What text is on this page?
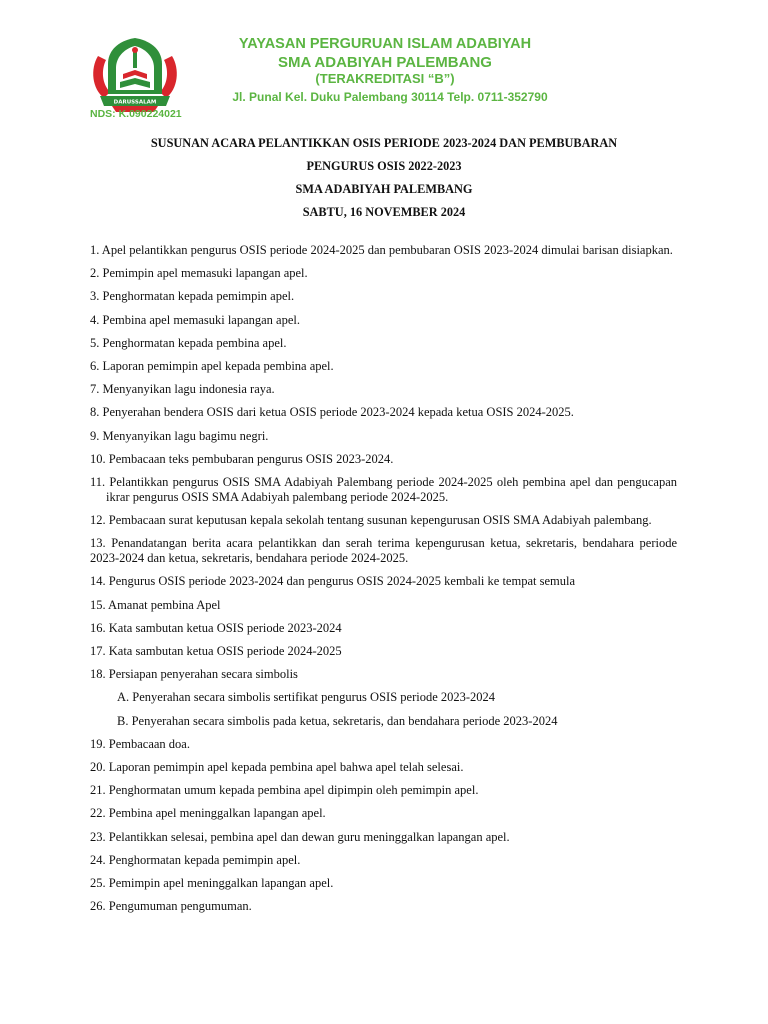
DARUSSALAM
YAYASAN PERGURUAN ISLAM ADABIYAH
SMA ADABIYAH PALEMBANG
(TERAKREDITASI “B”)
Jl. Punal Kel. Duku Palembang 30114 Telp. 0711-352790
NDS: K.090224021
SUSUNAN ACARA PELANTIKKAN OSIS PERIODE 2023-2024 DAN PEMBUBARAN
PENGURUS OSIS 2022-2023
SMA ADABIYAH PALEMBANG
SABTU, 16 NOVEMBER 2024
1. Apel pelantikkan pengurus OSIS periode 2024-2025 dan pembubaran OSIS 2023-2024 dimulai barisan disiapkan.
2. Pemimpin apel memasuki lapangan apel.
3. Penghormatan kepada pemimpin apel.
4. Pembina apel memasuki lapangan apel.
5. Penghormatan kepada pembina apel.
6. Laporan pemimpin apel kepada pembina apel.
7. Menyanyikan lagu indonesia raya.
8. Penyerahan bendera OSIS dari ketua OSIS periode 2023-2024 kepada ketua OSIS 2024-2025.
9. Menyanyikan lagu bagimu negri.
10. Pembacaan teks pembubaran pengurus OSIS 2023-2024.
11. Pelantikkan pengurus OSIS SMA Adabiyah Palembang periode 2024-2025 oleh pembina apel dan pengucapan ikrar pengurus OSIS SMA Adabiyah palembang periode 2024-2025.
12. Pembacaan surat keputusan kepala sekolah tentang susunan kepengurusan OSIS SMA Adabiyah palembang.
13. Penandatangan berita acara pelantikkan dan serah terima kepengurusan ketua, sekretaris, bendahara periode 2023-2024 dan ketua, sekretaris, bendahara periode 2024-2025.
14. Pengurus OSIS periode 2023-2024 dan pengurus OSIS 2024-2025 kembali ke tempat semula
15. Amanat pembina Apel
16. Kata sambutan ketua OSIS periode 2023-2024
17. Kata sambutan ketua OSIS periode 2024-2025
18. Persiapan penyerahan secara simbolis
A. Penyerahan secara simbolis sertifikat pengurus OSIS periode 2023-2024
B. Penyerahan secara simbolis pada ketua, sekretaris, dan bendahara periode 2023-2024
19. Pembacaan doa.
20. Laporan pemimpin apel kepada pembina apel bahwa apel telah selesai.
21. Penghormatan umum kepada pembina apel dipimpin oleh pemimpin apel.
22. Pembina apel meninggalkan lapangan apel.
23. Pelantikkan selesai, pembina apel dan dewan guru meninggalkan lapangan apel.
24. Penghormatan kepada pemimpin apel.
25. Pemimpin apel meninggalkan lapangan apel.
26. Pengumuman pengumuman.
